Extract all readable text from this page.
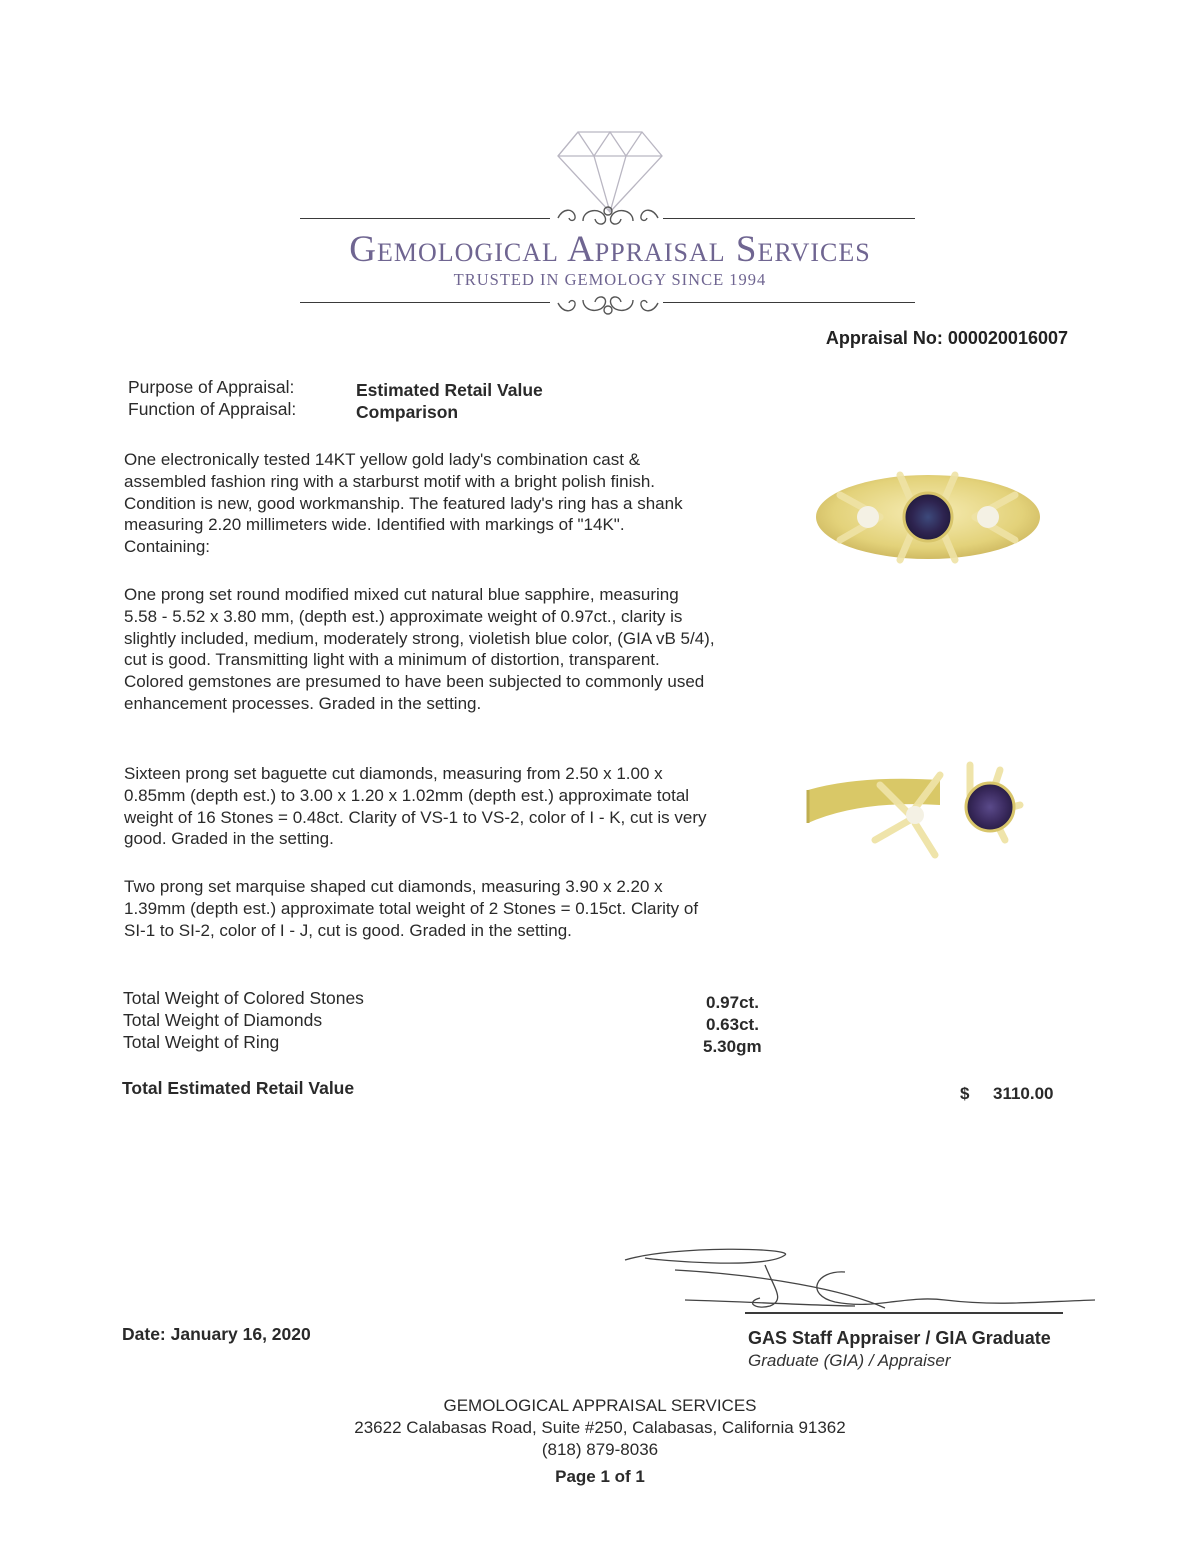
Gemological Appraisal Services
TRUSTED IN GEMOLOGY SINCE 1994
Appraisal No: 000020016007
Purpose of Appraisal:	Estimated Retail Value
Function of Appraisal:	Comparison
One electronically tested 14KT yellow gold lady's combination cast & assembled fashion ring with a starburst motif with a bright polish finish. Condition is new, good workmanship. The featured lady's ring has a shank measuring 2.20 millimeters wide. Identified with markings of "14K". Containing:
One prong set round modified mixed cut natural blue sapphire, measuring 5.58 - 5.52 x 3.80 mm, (depth est.) approximate weight of 0.97ct., clarity is slightly included, medium, moderately strong, violetish blue color, (GIA vB 5/4), cut is good. Transmitting light with a minimum of distortion, transparent. Colored gemstones are presumed to have been subjected to commonly used enhancement processes. Graded in the setting.
Sixteen prong set baguette cut diamonds, measuring from 2.50 x 1.00 x 0.85mm (depth est.) to 3.00 x 1.20 x 1.02mm (depth est.) approximate total weight of 16 Stones = 0.48ct. Clarity of VS-1 to VS-2, color of I - K, cut is very good. Graded in the setting.
Two prong set marquise shaped cut diamonds, measuring 3.90 x 2.20 x 1.39mm (depth est.) approximate total weight of 2 Stones = 0.15ct. Clarity of SI-1 to SI-2, color of I - J, cut is good. Graded in the setting.
Total Weight of Colored Stones	0.97ct.
Total Weight of Diamonds	0.63ct.
Total Weight of Ring	5.30gm
Total Estimated Retail Value	$ 3110.00
Date: January 16, 2020	GAS Staff Appraiser / GIA Graduate
Graduate (GIA) / Appraiser
GEMOLOGICAL APPRAISAL SERVICES
23622 Calabasas Road, Suite #250, Calabasas, California 91362
(818) 879-8036
Page 1 of 1
